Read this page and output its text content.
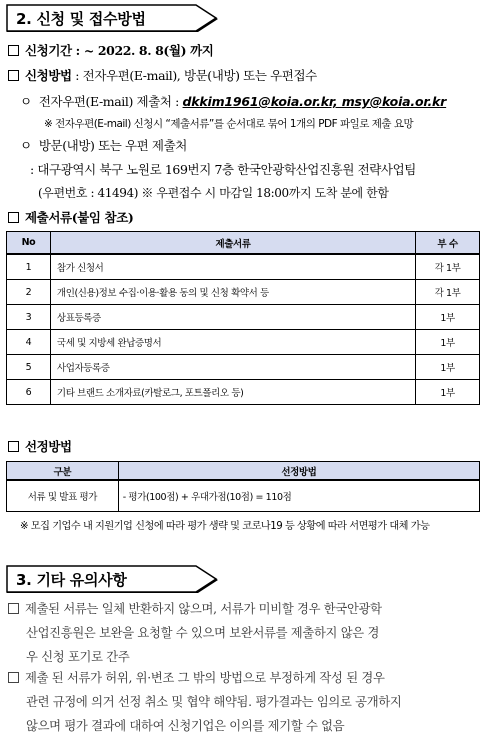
2. 신청 및 접수방법
신청기간 : ~ 2022. 8. 8(월) 까지
신청방법 : 전자우편(E-mail), 방문(내방) 또는 우편접수
ㅇ 전자우편(E-mail) 제출처 : dkkim1961@koia.or.kr, msy@koia.or.kr
※ 전자우편(E-mail) 신청시 “제출서류”를 순서대로 묶어 1개의 PDF 파일로 제출 요망
ㅇ 방문(내방) 또는 우편 제출처
: 대구광역시 북구 노원로 169번지 7층 한국안광학산업진흥원 전략사업팀
(우편번호 : 41494) ※ 우편접수 시 마감일 18:00까지 도착 분에 한함
제출서류(붙임 참조)
No	제출서류	부 수
1	참가 신청서	각 1부
2	개인(신용)정보 수집·이용·활용 동의 및 신청 확약서 등	각 1부
3	상표등록증	1부
4	국세 및 지방세 완납증명서	1부
5	사업자등록증	1부
6	기타 브랜드 소개자료(카탈로그, 포트폴리오 등)	1부
선정방법
구분	선정방법
서류 및 발표 평가	- 평가(100점) + 우대가점(10점) = 110점
※ 모집 기업수 내 지원기업 신청에 따라 평가 생략 및 코로나19 등 상황에 따라 서면평가 대체 가능
3. 기타 유의사항
제출된 서류는 일체 반환하지 않으며, 서류가 미비할 경우 한국안광학
산업진흥원은 보완을 요청할 수 있으며 보완서류를 제출하지 않은 경
우 신청 포기로 간주
제출 된 서류가 허위, 위·변조 그 밖의 방법으로 부정하게 작성 된 경우
관련 규정에 의거 선정 취소 및 협약 해약됨. 평가결과는 임의로 공개하지
않으며 평가 결과에 대하여 신청기업은 이의를 제기할 수 없음
